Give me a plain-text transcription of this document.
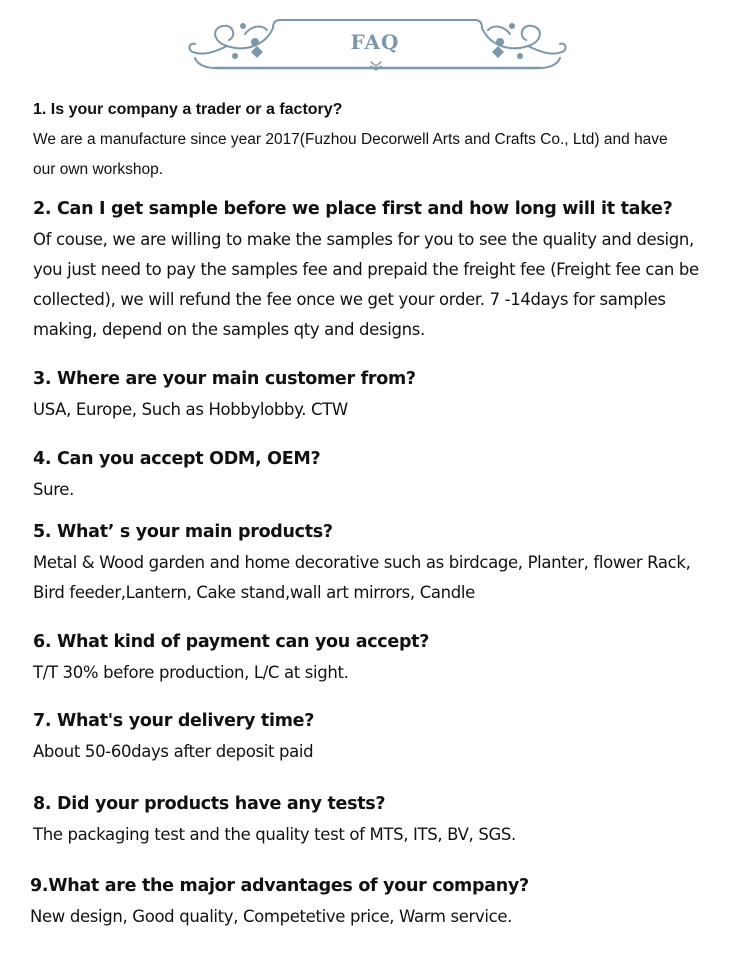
FAQ
1. Is your company a trader or a factory?
We are a manufacture since year 2017(Fuzhou Decorwell Arts and Crafts Co., Ltd) and have our own workshop.
2. Can I get sample before we place first and how long will it take?
Of couse, we are willing to make the samples for you to see the quality and design, you just need to pay the samples fee and prepaid the freight fee (Freight fee can be collected), we will refund the fee once we get your order. 7 -14days for samples making, depend on the samples qty and designs.
3. Where are your main customer from?
USA, Europe, Such as Hobbylobby. CTW
4. Can you accept ODM, OEM?
Sure.
5. What’ s your main products?
Metal & Wood garden and home decorative such as birdcage, Planter, flower Rack, Bird feeder,Lantern, Cake stand,wall art mirrors, Candle
6. What kind of payment can you accept?
T/T 30% before production, L/C at sight.
7. What's your delivery time?
About 50-60days after deposit paid
8. Did your products have any tests?
The packaging test and the quality test of MTS, ITS, BV, SGS.
9.What are the major advantages of your company?
New design, Good quality, Competetive price, Warm service.
